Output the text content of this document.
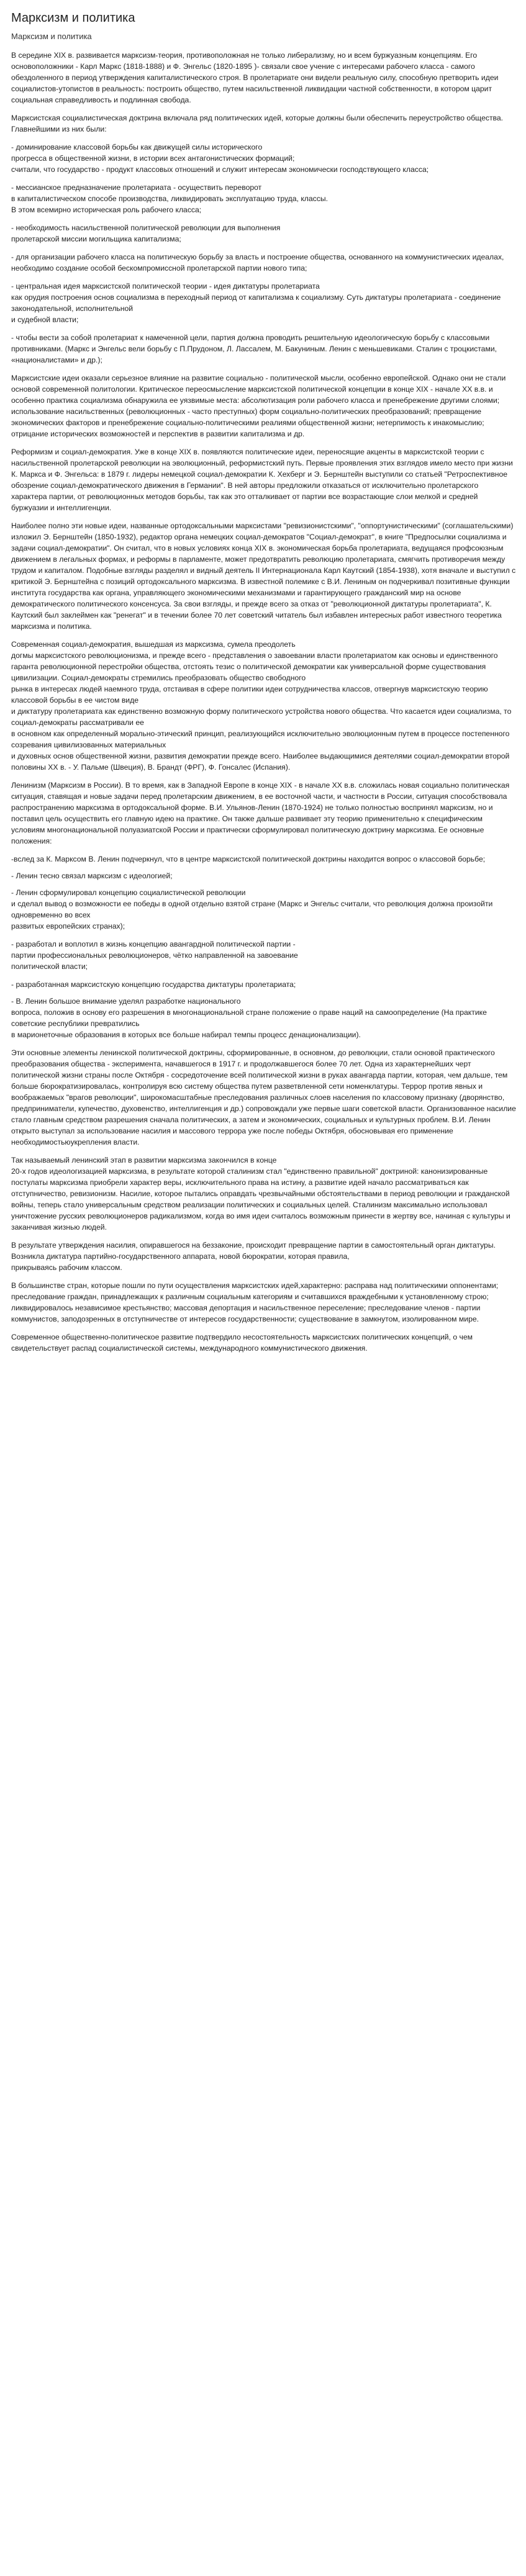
Марксизм и политика
Марксизм и политика

В середине XIX в. развивается марксизм-теория, противоположная не только либерализму, но и всем буржуазным концепциям. Его основоположники - Карл Маркс (1818-1888) и Ф. Энгельс (1820-1895 )- связали свое учение с интересами рабочего класса - самого обездоленного в период утверждения капиталистического строя. В пролетариате они видели реальную силу, способную претворить идеи социалистов-утопистов в реальность: построить общество, путем насильственной ликвидации частной собственности, в котором царит социальная справедливость и подлинная свобода.

Марксистская социалистическая доктрина включала ряд политических идей, которые должны были обеспечить переустройство общества. Главнейшими из них были:

- доминирование классовой борьбы как движущей силы исторического
прогресса в общественной жизни, в истории всех антагонистических формаций;
считали, что государство - продукт классовых отношений и служит интересам экономически господствующего класса;

- мессианское предназначение пролетариата - осуществить переворот
в капиталистическом способе производства, ликвидировать эксплуатацию труда, классы.
В этом всемирно историческая роль рабочего класса;

- необходимость насильственной политической революции для выполнения
пролетарской миссии могильщика капитализма;

- для организации рабочего класса на политическую борьбу за власть и построение общества, основанного на коммунистических идеалах, необходимо создание особой бескомпромиссной пролетарской партии нового типа;

- центральная идея марксистской политической теории - идея диктатуры пролетариата
как орудия построения основ социализма в переходный период от капитализма к социализму. Суть диктатуры пролетариата - соединение законодательной, исполнительной
и судебной власти;

- чтобы вести за собой пролетариат к намеченной цели, партия должна проводить решительную идеологическую борьбу с классовыми противниками. (Маркс и Энгельс вели борьбу с П.Прудоном, Л. Лассалем, М. Бакуниным. Ленин с меньшевиками. Сталин с троцкистами, «националистами» и др.);

Марксистские идеи оказали серьезное влияние на развитие социально - политической мысли, особенно европейской. Однако они не стали основой современной политологии. Критическое переосмысление марксистской политической концепции в конце XIX - начале XX в.в. и особенно практика социализма обнаружила ее уязвимые места: абсолютизация роли рабочего класса и пренебрежение другими слоями; использование насильственных (революционных - часто преступных) форм социально-политических преобразований; превращение экономических факторов и пренебрежение социально-политическими реалиями общественной жизни; нетерпимость к инакомыслию; отрицание исторических возможностей и перспектив в развитии капитализма и др.

Реформизм и социал-демократия. Уже в конце XIX в. появляются политические идеи, переносящие акценты в марксистской теории с насильственной пролетарской революции на эволюционный, реформистский путь. Первые проявления этих взглядов имело место при жизни К. Маркса и Ф. Энгельса: в 1879 г. лидеры немецкой социал-демократии К. Хехберг и Э. Бернштейн выступили со статьей "Ретроспективное обозрение социал-демократического движения в Германии". В ней авторы предложили отказаться от исключительно пролетарского характера партии, от революционных методов борьбы, так как это отталкивает от партии все возрастающие слои мелкой и средней буржуазии и интеллигенции.

Наиболее полно эти новые идеи, названные ортодоксальными марксистами "ревизионистскими", "оппортунистическими" (соглашательскими) изложил Э. Бернштейн (1850-1932), редактор органа немецких социал-демократов "Социал-демократ", в книге "Предпосылки социализма и задачи социал-демократии". Он считал, что в новых условиях конца XIX в. экономическая борьба пролетариата, ведущаяся профсоюзным движением в легальных формах, и реформы в парламенте, может предотвратить революцию пролетариата, смягчить противоречия между трудом и капиталом. Подобные взгляды разделял и видный деятель II Интернационала Карл Каутский (1854-1938), хотя вначале и выступил с критикой Э. Бернштейна с позиций ортодоксального марксизма. В известной полемике с В.И. Лениным он подчеркивал позитивные функции института государства как органа, управляющего экономическими механизмами и гарантирующего гражданский мир на основе демократического политического консенсуса. За свои взгляды, и прежде всего за отказ от "революционной диктатуры пролетариата", К. Каутский был заклеймен как "ренегат" и в течении более 70 лет советский читатель был избавлен интересных работ известного теоретика марксизма и политика.

Современная социал-демократия, вышедшая из марксизма, сумела преодолеть
догмы марксистского революционизма, и прежде всего - представления о завоевании власти пролетариатом как основы и единственного гаранта революционной перестройки общества, отстоять тезис о политической демократии как универсальной форме существования цивилизации. Социал-демократы стремились преобразовать общество свободного
рынка в интересах людей наемного труда, отстаивая в сфере политики идеи сотрудничества классов, отвергнув марксистскую теорию классовой борьбы в ее чистом виде
и диктатуру пролетариата как единственно возможную форму политического устройства нового общества. Что касается идеи социализма, то социал-демократы рассматривали ее
в основном как определенный морально-этический принцип, реализующийся исключительно эволюционным путем в процессе постепенного созревания цивилизованных материальных
и духовных основ общественной жизни, развития демократии прежде всего. Наиболее выдающимися деятелями социал-демократии второй половины XX в. - У. Пальме (Швеция), В. Брандт (ФРГ), Ф. Гонсалес (Испания).

Ленинизм (Марксизм в России). В то время, как в Западной Европе в конце XIX - в начале XX в.в. сложилась новая социально политическая ситуация, ставящая и новые задачи перед пролетарским движением, в ее восточной части, и частности в России, ситуация способствовала распространению марксизма в ортодоксальной форме. В.И. Ульянов-Ленин (1870-1924) не только полностью воспринял марксизм, но и поставил цель осуществить его главную идею на практике. Он также дальше развивает эту теорию применительно к специфическим условиям многонациональной полуазиатской России и практически сформулировал политическую доктрину марксизма. Ее основные положения:

-вслед за К. Марксом В. Ленин подчеркнул, что в центре марксистской политической доктрины находится вопрос о классовой борьбе;

- Ленин тесно связал марксизм с идеологией;

- Ленин сформулировал концепцию социалистической революции
и сделал вывод о возможности ее победы в одной отдельно взятой стране (Маркс и Энгельс считали, что революция должна произойти одновременно во всех
развитых европейских странах);

- разработал и воплотил в жизнь концепцию авангардной политической партии -
партии профессиональных революционеров, чётко направленной на завоевание
политической власти;

- разработанная марксистскую концепцию государства диктатуры пролетариата;

- В. Ленин большое внимание уделял разработке национального
вопроса, положив в основу его разрешения в многонациональной стране положение о праве наций на самоопределение (На практике советские республики превратились
в марионеточные образования в которых все больше набирал темпы процесс денационализации).

Эти основные элементы ленинской политической доктрины, сформированные, в основном, до революции, стали основой практического преобразования общества - эксперимента, начавшегося в 1917 г. и продолжавшегося более 70 лет. Одна из характернейших черт политической жизни страны после Октября - сосредоточение всей политической жизни в руках авангарда партии, которая, чем дальше, тем больше бюрократизировалась, контролируя всю систему общества путем разветвленной сети номенклатуры. Террор против явных и воображаемых "врагов революции", широкомасштабные преследования различных слоев населения по классовому признаку (дворянство, предприниматели, купечество, духовенство, интеллигенция и др.) сопровождали уже первые шаги советской власти. Организованное насилие стало главным средством разрешения сначала политических, а затем и экономических, социальных и культурных проблем. В.И. Ленин открыто выступал за использование насилия и массового террора уже после победы Октября, обосновывая его применение необходимостьюукрепления власти.

Так называемый ленинский этап в развитии марксизма закончился в конце
20-х годов идеологизацией марксизма, в результате которой сталинизм стал "единственно правильной" доктриной: канонизированные постулаты марксизма приобрели характер веры, исключительного права на истину, а развитие идей начало рассматриваться как отступничество, ревизионизм. Насилие, которое пытались оправдать чрезвычайными обстоятельствами в период революции и гражданской войны, теперь стало универсальным средством реализации политических и социальных целей. Сталинизм максимально использовал уничтожение русских революционеров радикализмом, когда во имя идеи считалось возможным принести в жертву все, начиная с культуры и заканчивая жизнью людей.

В результате утверждения насилия, опиравшегося на беззаконие, происходит превращение партии в самостоятельный орган диктатуры. Возникла диктатура партийно-государственного аппарата, новой бюрократии, которая правила,
прикрываясь рабочим классом.

В большинстве стран, которые пошли по пути осуществления марксистских идей,характерно: расправа над политическими оппонентами; преследование граждан, принадлежащих к различным социальным категориям и считавшихся враждебными к установленному строю; ликвидировалось независимое крестьянство; массовая депортация и насильственное переселение; преследование членов - партии коммунистов, заподозренных в отступничестве от интересов государственности; существование в замкнутом, изолированном мире.

Современное общественно-политическое развитие подтвердило несостоятельность марксистских политических концепций, о чем свидетельствует распад социалистической системы, международного коммунистического движения.
